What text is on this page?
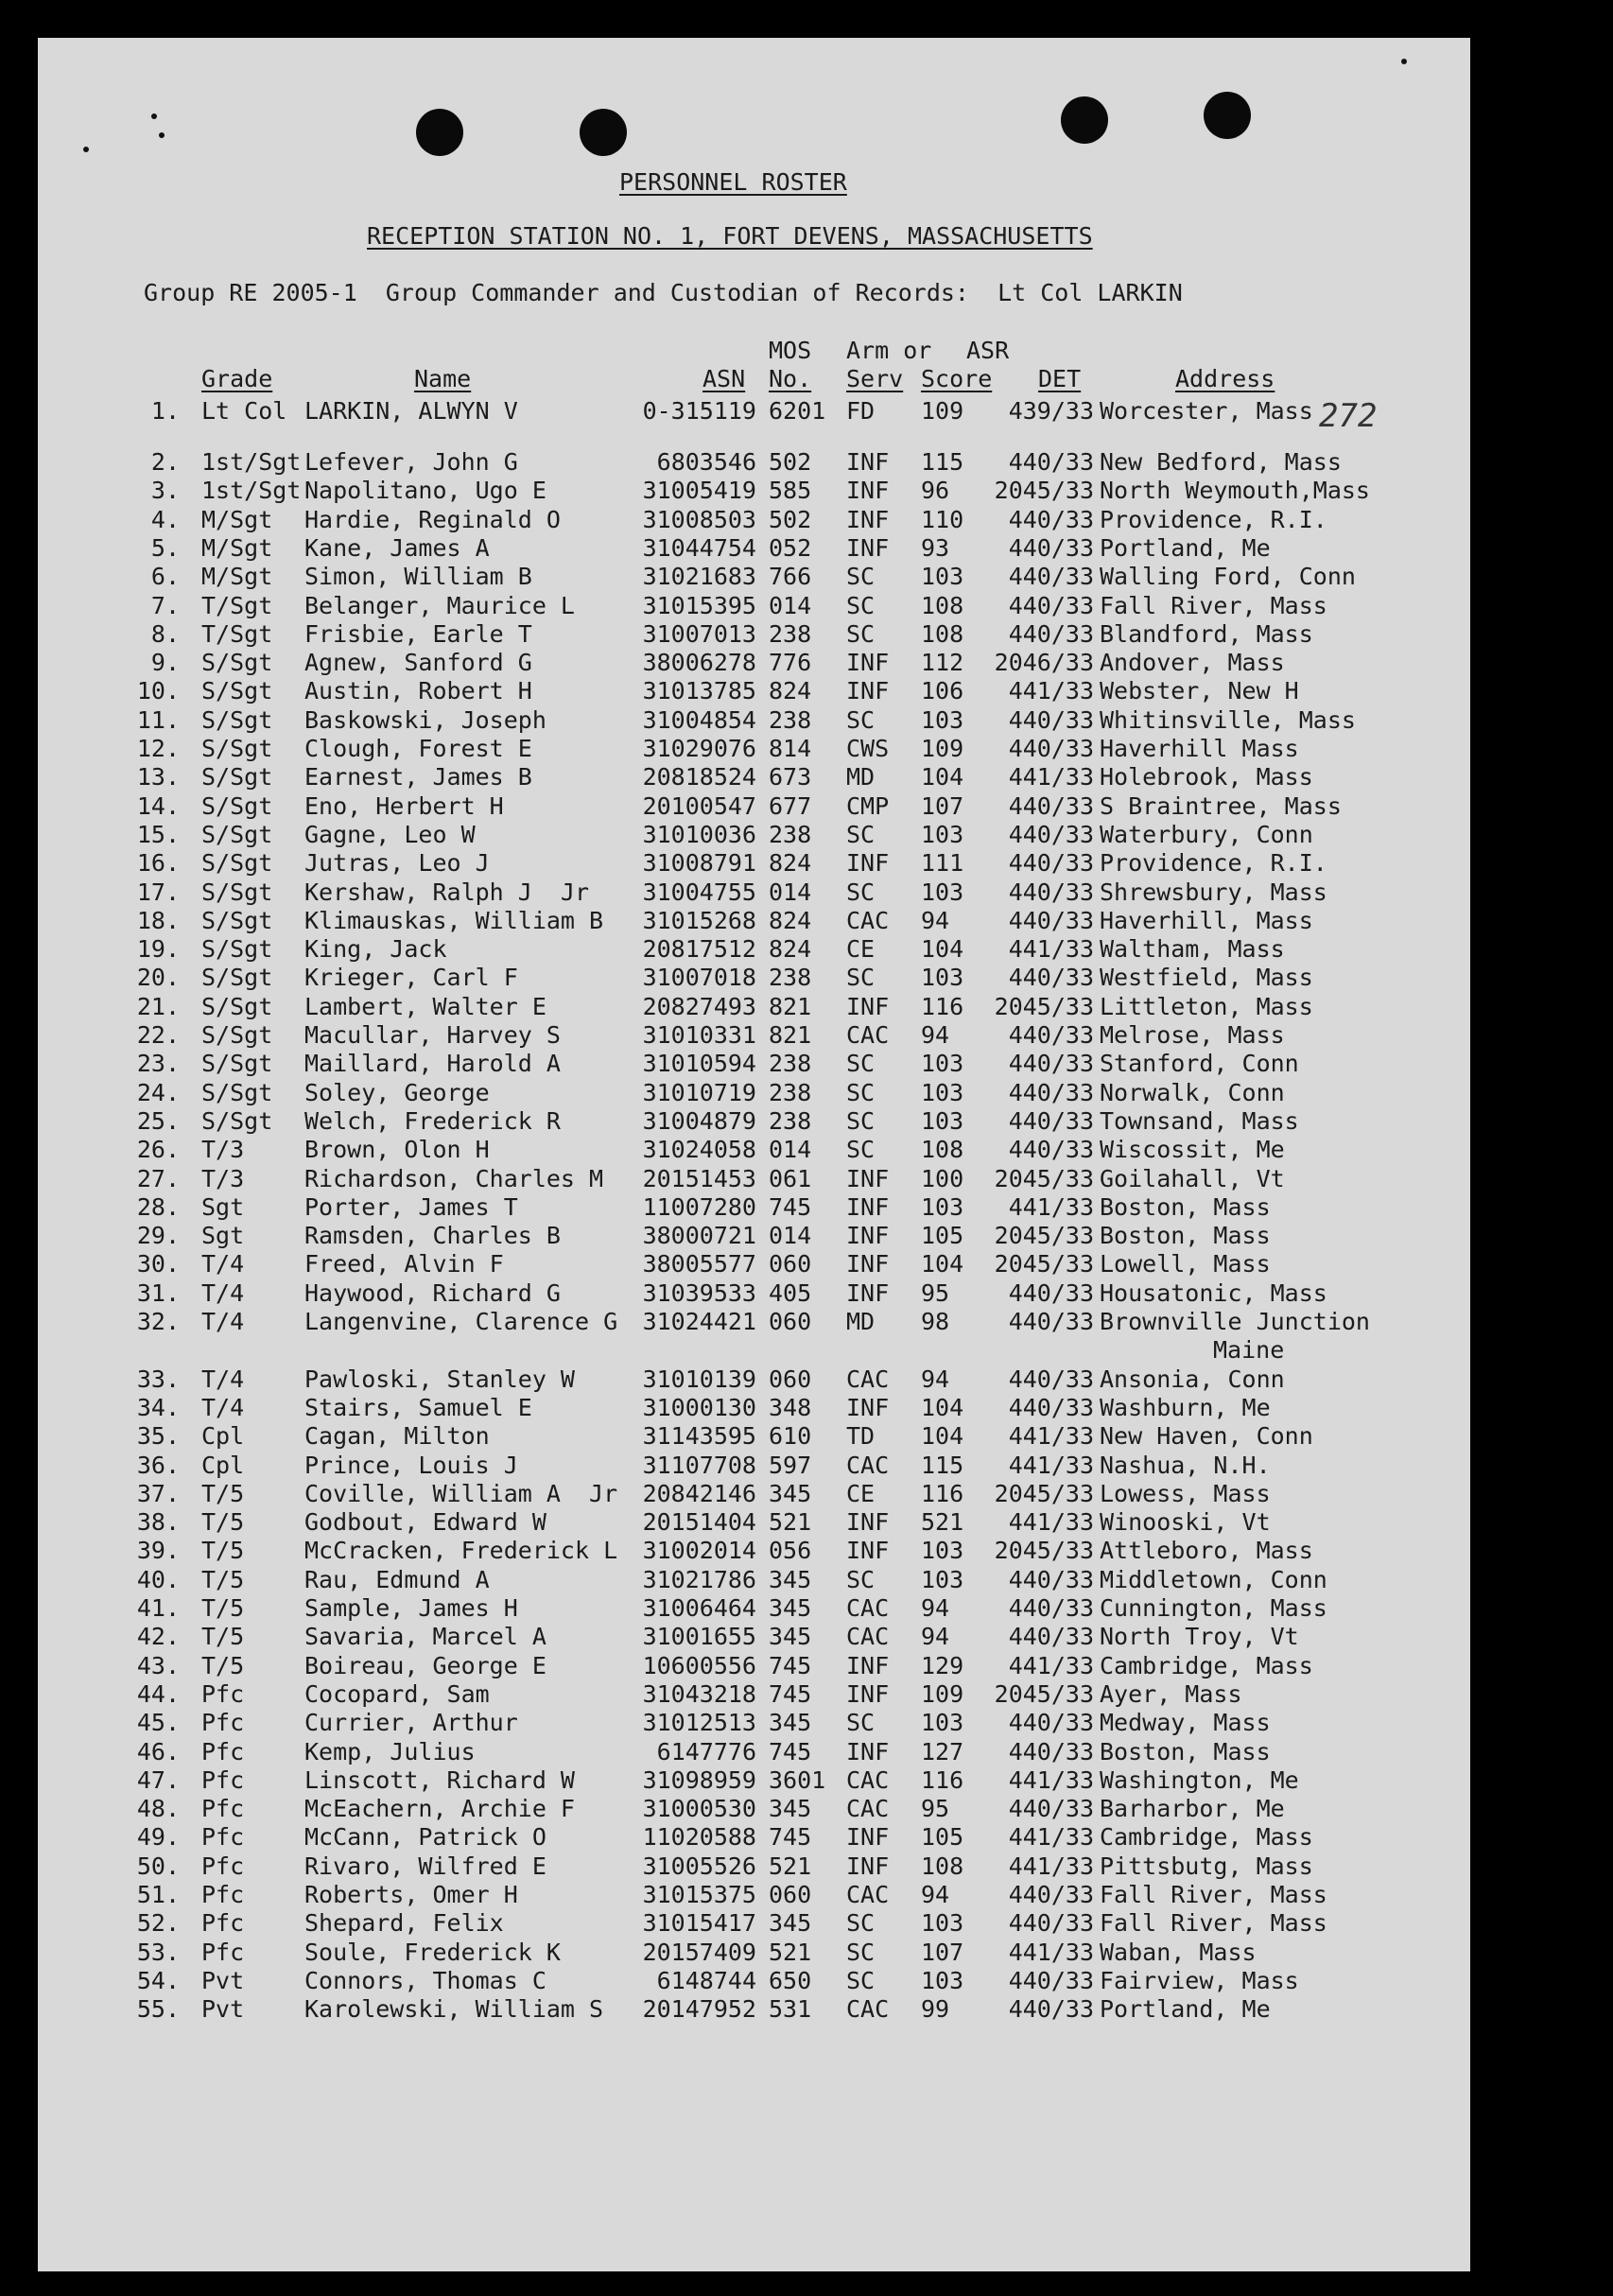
PERSONNEL ROSTER
RECEPTION STATION NO. 1, FORT DEVENS, MASSACHUSETTS
Group RE 2005-1  Group Commander and Custodian of Records:  Lt Col LARKIN
MOS Arm or ASR
Grade	Name	ASN No. Serv Score DET	Address
272
1. Lt Col LARKIN, ALWYN V	0-315119 6201 FD 109 439/33 Worcester, Mass
2. 1st/Sgt Lefever, John G	6803546 502 INF 115 440/33 New Bedford, Mass
3. 1st/Sgt Napolitano, Ugo E	31005419 585 INF 96 2045/33 North Weymouth,Mass
4. M/Sgt Hardie, Reginald O	31008503 502 INF 110 440/33 Providence, R.I.
5. M/Sgt Kane, James A	31044754 052 INF 93	440/33 Portland, Me
6. M/Sgt Simon, William B	31021683 766 SC 103 440/33 Walling Ford, Conn
7. T/Sgt Belanger, Maurice L	31015395 014 SC 108 440/33 Fall River, Mass
8. T/Sgt Frisbie, Earle T	31007013 238 SC 108 440/33 Blandford, Mass
9. S/Sgt Agnew, Sanford G	38006278 776 INF 112 2046/33 Andover, Mass
10. S/Sgt Austin, Robert H	31013785 824 INF 106 441/33 Webster, New H
11. S/Sgt Baskowski, Joseph	31004854 238 SC 103 440/33 Whitinsville, Mass
12. S/Sgt Clough, Forest E	31029076 814 CWS 109 440/33 Haverhill Mass
13. S/Sgt Earnest, James B	20818524 673 MD 104 441/33 Holebrook, Mass
14. S/Sgt Eno, Herbert H	20100547 677 CMP 107 440/33 S Braintree, Mass
15. S/Sgt Gagne, Leo W	31010036 238 SC 103 440/33 Waterbury, Conn
16. S/Sgt Jutras, Leo J	31008791 824 INF 111 440/33 Providence, R.I.
17. S/Sgt Kershaw, Ralph J  Jr 31004755 014 SC 103 440/33 Shrewsbury, Mass
18. S/Sgt Klimauskas, William B 31015268 824 CAC 94	440/33 Haverhill, Mass
19. S/Sgt King, Jack	20817512 824 CE 104 441/33 Waltham, Mass
20. S/Sgt Krieger, Carl F	31007018 238 SC 103 440/33 Westfield, Mass
21. S/Sgt Lambert, Walter E	20827493 821 INF 116 2045/33 Littleton, Mass
22. S/Sgt Macullar, Harvey S	31010331 821 CAC 94	440/33 Melrose, Mass
23. S/Sgt Maillard, Harold A	31010594 238 SC 103 440/33 Stanford, Conn
24. S/Sgt Soley, George	31010719 238 SC 103 440/33 Norwalk, Conn
25. S/Sgt Welch, Frederick R	31004879 238 SC 103 440/33 Townsand, Mass
26. T/3	Brown, Olon H	31024058 014 SC 108 440/33 Wiscossit, Me
27. T/3	Richardson, Charles M 20151453 061 INF 100 2045/33 Goilahall, Vt
28. Sgt	Porter, James T	11007280 745 INF 103 441/33 Boston, Mass
29. Sgt	Ramsden, Charles B	38000721 014 INF 105 2045/33 Boston, Mass
30. T/4	Freed, Alvin F	38005577 060 INF 104 2045/33 Lowell, Mass
31. T/4	Haywood, Richard G	31039533 405 INF 95	440/33 Housatonic, Mass
32. T/4	Langenvine, Clarence G 31024421 060 MD 98	440/33 Brownville Junction
Maine
33. T/4	Pawloski, Stanley W	31010139 060 CAC 94	440/33 Ansonia, Conn
34. T/4	Stairs, Samuel E	31000130 348 INF 104 440/33 Washburn, Me
35. Cpl	Cagan, Milton	31143595 610 TD 104 441/33 New Haven, Conn
36. Cpl	Prince, Louis J	31107708 597 CAC 115 441/33 Nashua, N.H.
37. T/5	Coville, William A  Jr 20842146 345 CE 116 2045/33 Lowess, Mass
38. T/5	Godbout, Edward W	20151404 521 INF 521 441/33 Winooski, Vt
39. T/5	McCracken, Frederick L 31002014 056 INF 103 2045/33 Attleboro, Mass
40. T/5	Rau, Edmund A	31021786 345 SC 103 440/33 Middletown, Conn
41. T/5	Sample, James H	31006464 345 CAC 94	440/33 Cunnington, Mass
42. T/5	Savaria, Marcel A	31001655 345 CAC 94	440/33 North Troy, Vt
43. T/5	Boireau, George E	10600556 745 INF 129 441/33 Cambridge, Mass
44. Pfc	Cocopard, Sam	31043218 745 INF 109 2045/33 Ayer, Mass
45. Pfc	Currier, Arthur	31012513 345 SC 103 440/33 Medway, Mass
46. Pfc	Kemp, Julius	6147776 745 INF 127 440/33 Boston, Mass
47. Pfc	Linscott, Richard W	31098959 3601 CAC 116 441/33 Washington, Me
48. Pfc	McEachern, Archie F	31000530 345 CAC 95	440/33 Barharbor, Me
49. Pfc	McCann, Patrick O	11020588 745 INF 105 441/33 Cambridge, Mass
50. Pfc	Rivaro, Wilfred E	31005526 521 INF 108 441/33 Pittsbutg, Mass
51. Pfc	Roberts, Omer H	31015375 060 CAC 94	440/33 Fall River, Mass
52. Pfc	Shepard, Felix	31015417 345 SC 103 440/33 Fall River, Mass
53. Pfc	Soule, Frederick K	20157409 521 SC 107 441/33 Waban, Mass
54. Pvt	Connors, Thomas C	6148744 650 SC 103 440/33 Fairview, Mass
55. Pvt	Karolewski, William S 20147952 531 CAC 99	440/33 Portland, Me
